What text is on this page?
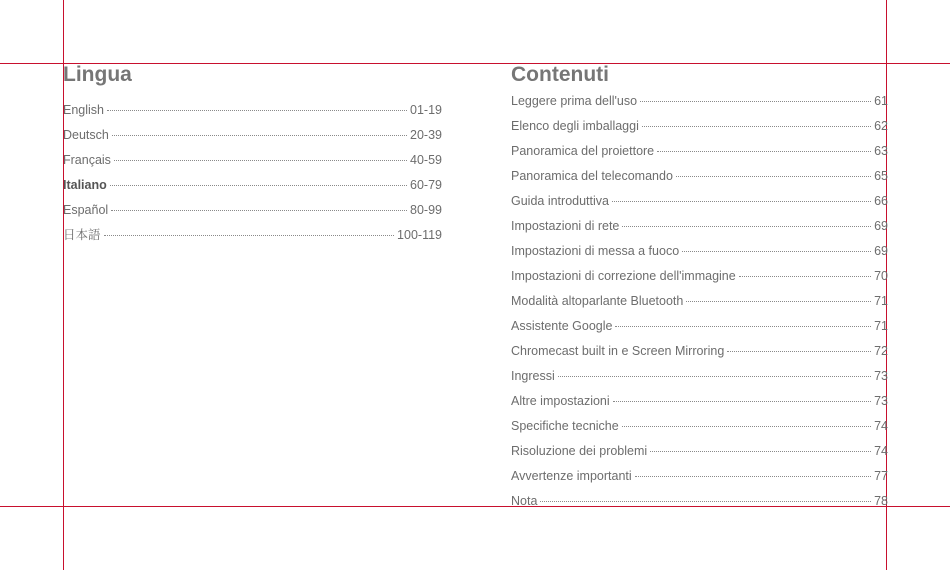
Lingua
English	01-19
Deutsch	20-39
Français	40-59
Italiano	60-79
Español	80-99
日本語	100-119
Contenuti
Leggere prima dell'uso	61
Elenco degli imballaggi	62
Panoramica del proiettore	63
Panoramica del telecomando	65
Guida introduttiva	66
Impostazioni di rete	69
Impostazioni di messa a fuoco	69
Impostazioni di correzione dell'immagine	70
Modalità altoparlante Bluetooth	71
Assistente Google	71
Chromecast built in e Screen Mirroring	72
Ingressi	73
Altre impostazioni	73
Specifiche tecniche	74
Risoluzione dei problemi	74
Avvertenze importanti	77
Nota	78
